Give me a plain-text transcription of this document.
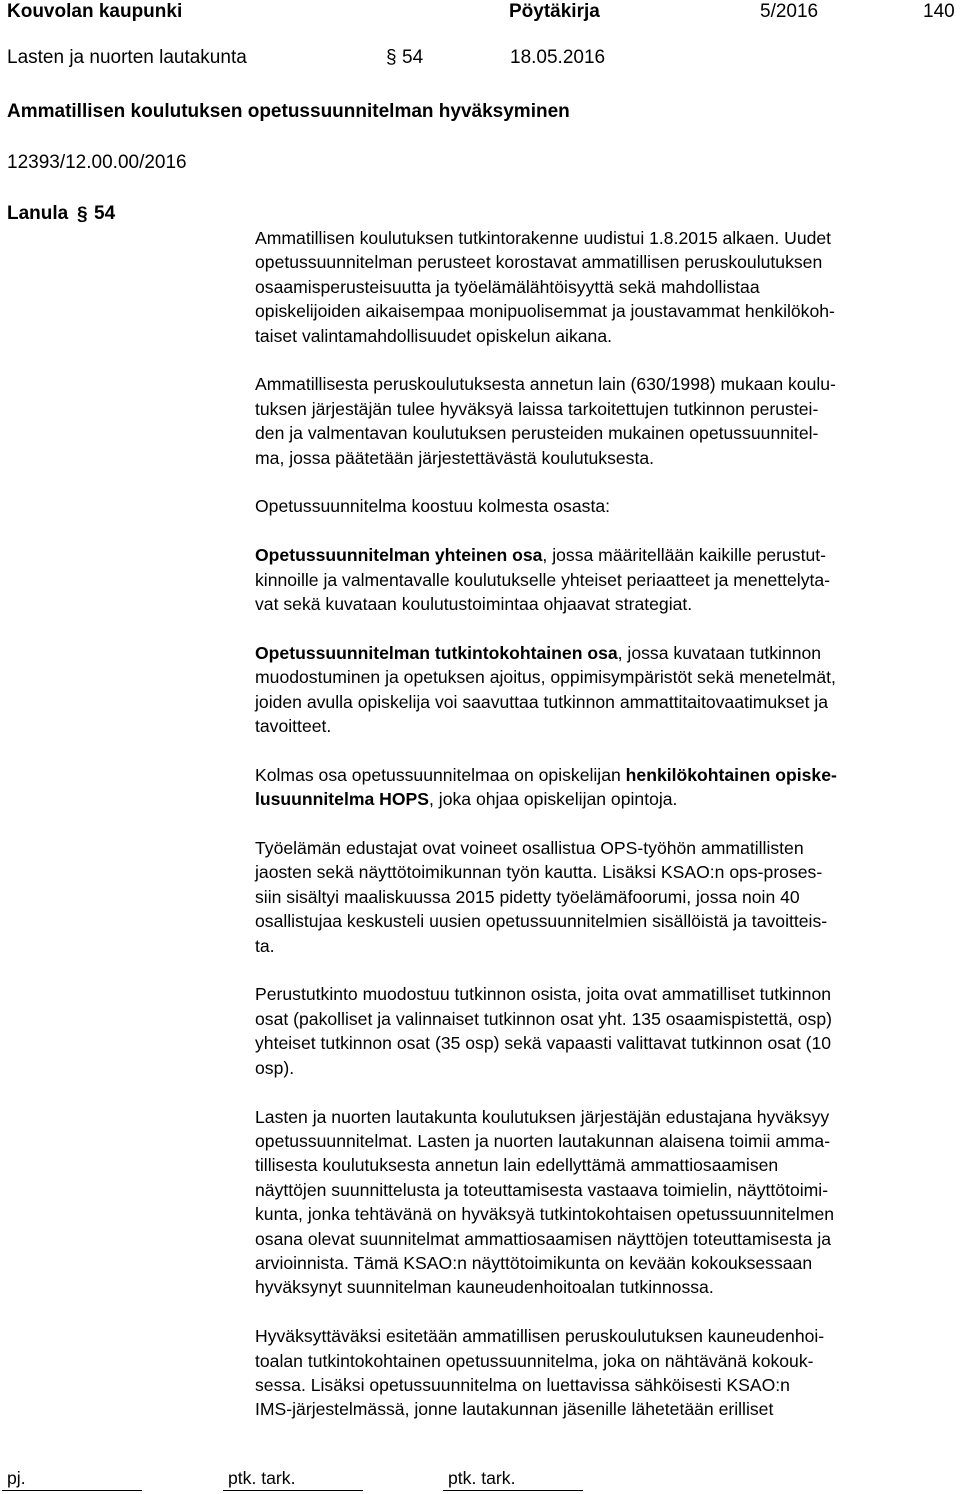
Kouvolan kaupunki	Pöytäkirja	5/2016	140
Lasten ja nuorten lautakunta	§ 54	18.05.2016
Ammatillisen koulutuksen opetussuunnitelman hyväksyminen
12393/12.00.00/2016
Lanula § 54
Ammatillisen koulutuksen tutkintorakenne uudistui 1.8.2015 alkaen. Uudet
opetussuunnitelman perusteet korostavat ammatillisen peruskoulutuksen
osaamisperusteisuutta ja työelämälähtöisyyttä sekä mahdollistaa
opiskelijoiden aikaisempaa monipuolisemmat ja joustavammat henkilökoh-
taiset valintamahdollisuudet opiskelun aikana.
Ammatillisesta peruskoulutuksesta annetun lain (630/1998) mukaan koulu-
tuksen järjestäjän tulee hyväksyä laissa tarkoitettujen tutkinnon perustei-
den ja valmentavan koulutuksen perusteiden mukainen opetussuunnitel-
ma, jossa päätetään järjestettävästä koulutuksesta.
Opetussuunnitelma koostuu kolmesta osasta:
Opetussuunnitelman yhteinen osa, jossa määritellään kaikille perustut-
kinnoille ja valmentavalle koulutukselle yhteiset periaatteet ja menettelyta-
vat sekä kuvataan koulutustoimintaa ohjaavat strategiat.
Opetussuunnitelman tutkintokohtainen osa, jossa kuvataan tutkinnon
muodostuminen ja opetuksen ajoitus, oppimisympäristöt sekä menetelmät,
joiden avulla opiskelija voi saavuttaa tutkinnon ammattitaitovaatimukset ja
tavoitteet.
Kolmas osa opetussuunnitelmaa on opiskelijan henkilökohtainen opiske-
lusuunnitelma HOPS, joka ohjaa opiskelijan opintoja.
Työelämän edustajat ovat voineet osallistua OPS-työhön ammatillisten
jaosten sekä näyttötoimikunnan työn kautta. Lisäksi KSAO:n ops-proses-
siin sisältyi maaliskuussa 2015 pidetty työelämäfoorumi, jossa noin 40
osallistujaa keskusteli uusien opetussuunnitelmien sisällöistä ja tavoitteis-
ta.
Perustutkinto muodostuu tutkinnon osista, joita ovat ammatilliset tutkinnon
osat (pakolliset ja valinnaiset tutkinnon osat yht. 135 osaamispistettä, osp)
yhteiset tutkinnon osat (35 osp) sekä vapaasti valittavat tutkinnon osat (10
osp).
Lasten ja nuorten lautakunta koulutuksen järjestäjän edustajana hyväksyy
opetussuunnitelmat. Lasten ja nuorten lautakunnan alaisena toimii amma-
tillisesta koulutuksesta annetun lain edellyttämä ammattiosaamisen
näyttöjen suunnittelusta ja toteuttamisesta vastaava toimielin, näyttötoimi-
kunta, jonka tehtävänä on hyväksyä tutkintokohtaisen opetussuunnitelmen
osana olevat suunnitelmat ammattiosaamisen näyttöjen toteuttamisesta ja
arvioinnista. Tämä KSAO:n näyttötoimikunta on kevään kokouksessaan
hyväksynyt suunnitelman kauneudenhoitoalan tutkinnossa.
Hyväksyttäväksi esitetään ammatillisen peruskoulutuksen kauneudenhoi-
toalan tutkintokohtainen opetussuunnitelma, joka on nähtävänä kokouk-
sessa. Lisäksi opetussuunnitelma on luettavissa sähköisesti KSAO:n
IMS-järjestelmässä, jonne lautakunnan jäsenille lähetetään erilliset
pj.	ptk. tark.	ptk. tark.
